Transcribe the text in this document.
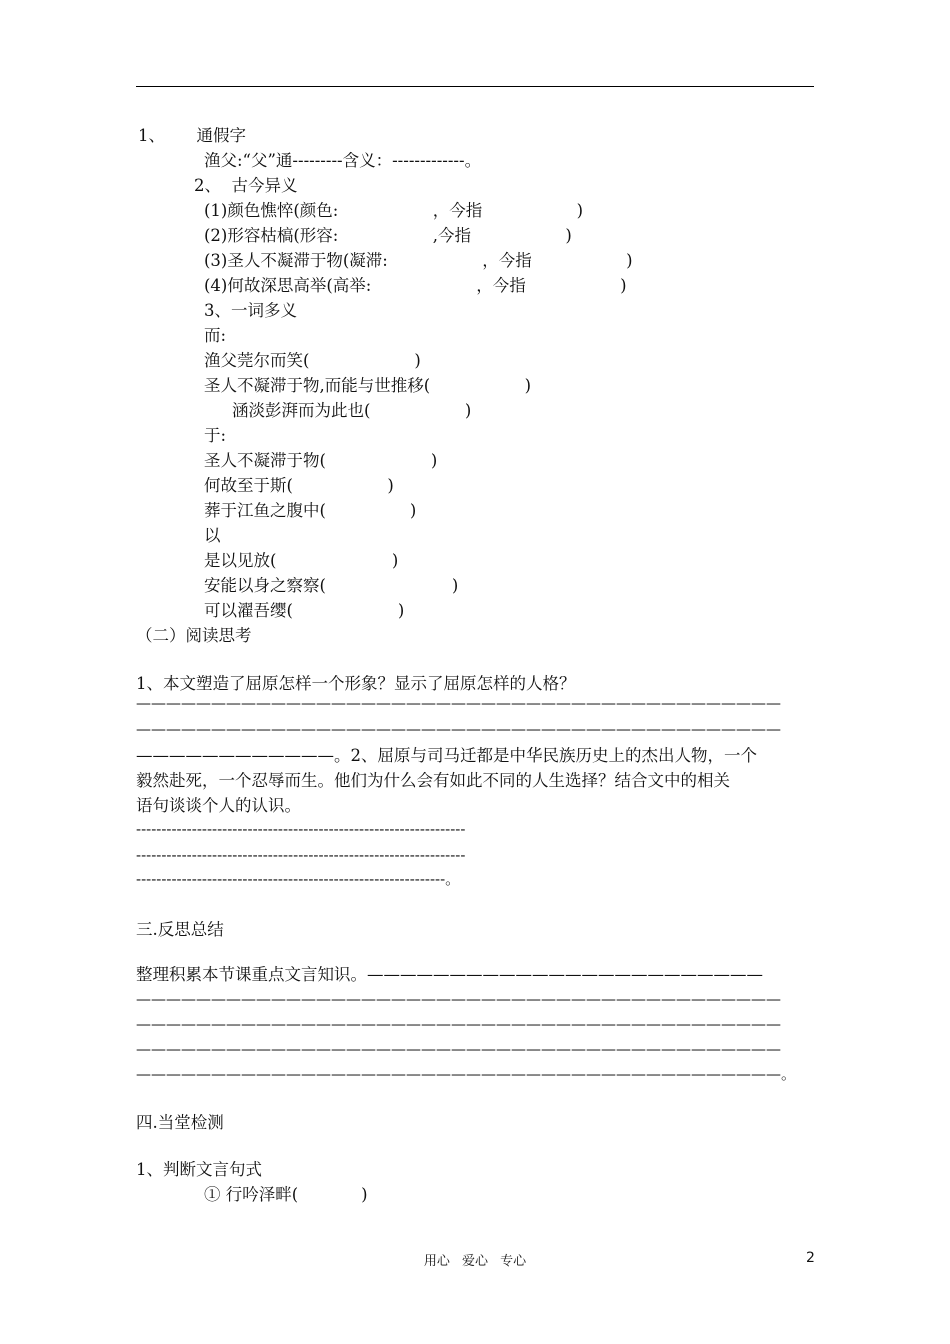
1、      通假字
渔父:“父”通---------含义：-------------。
2、  古今异义
(1)颜色憔悴(颜色:                  ，今指                  )
(2)形容枯槁(形容:                  ,今指                  )
(3)圣人不凝滞于物(凝滞:                  ，今指                  )
(4)何故深思高举(高举:                    ，今指                  )
3、一词多义
而:
渔父莞尔而笑(                    )
圣人不凝滞于物,而能与世推移(                  )
涵淡彭湃而为此也(                  )
于:
圣人不凝滞于物(                    )
何故至于斯(                  )
葬于江鱼之腹中(                )
以
是以见放(                      )
安能以身之察察(                        )
可以濯吾缨(                    )
（二）阅读思考
1、本文塑造了屈原怎样一个形象？显示了屈原怎样的人格？
———————————————————————————————————————————
———————————————————————————————————————————
————————————。2、屈原与司马迁都是中华民族历史上的杰出人物，一个
毅然赴死，一个忍辱而生。他们为什么会有如此不同的人生选择？结合文中的相关
语句谈谈个人的认识。
-----------------------------------------------------------------
-----------------------------------------------------------------
-------------------------------------------------------------。
三.反思总结
整理积累本节课重点文言知识。————————————————————————
———————————————————————————————————————————
———————————————————————————————————————————
———————————————————————————————————————————
———————————————————————————————————————————。
四.当堂检测
1、判断文言句式
① 行吟泽畔(            )
用心 爱心 专心	2
